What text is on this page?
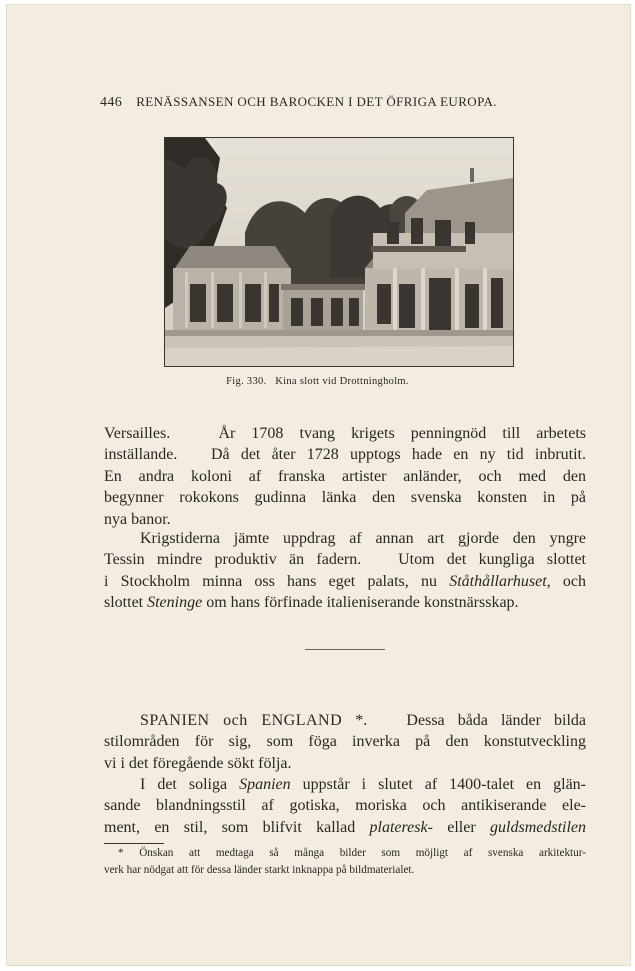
446 RENÄSSANSEN OCH BAROCKEN I DET ÖFRIGA EUROPA.
Fig. 330.   Kina slott vid Drottningholm.
Versailles.   År 1708 tvang krigets penningnöd till arbetets
inställande.   Då det åter 1728 upptogs hade en ny tid inbrutit.
En andra koloni af franska artister anländer, och med den
begynner rokokons gudinna länka den svenska konsten in på
nya banor.
Krigstiderna jämte uppdrag af annan art gjorde den yngre
Tessin mindre produktiv än fadern.   Utom det kungliga slottet
i Stockholm minna oss hans eget palats, nu Ståthållarhuset, och
slottet Steninge om hans förfinade italieniserande konstnärsskap.
SPANIEN och ENGLAND *.   Dessa båda länder bilda
stilområden för sig, som föga inverka på den konstutveckling
vi i det föregående sökt följa.
I det soliga Spanien uppstår i slutet af 1400-talet en glän-
sande blandningsstil af gotiska, moriska och antikiserande ele-
ment, en stil, som blifvit kallad plateresk- eller guldsmedstilen
* Önskan att medtaga så många bilder som möjligt af svenska arkitektur-
verk har nödgat att för dessa länder starkt inknappa på bildmaterialet.
